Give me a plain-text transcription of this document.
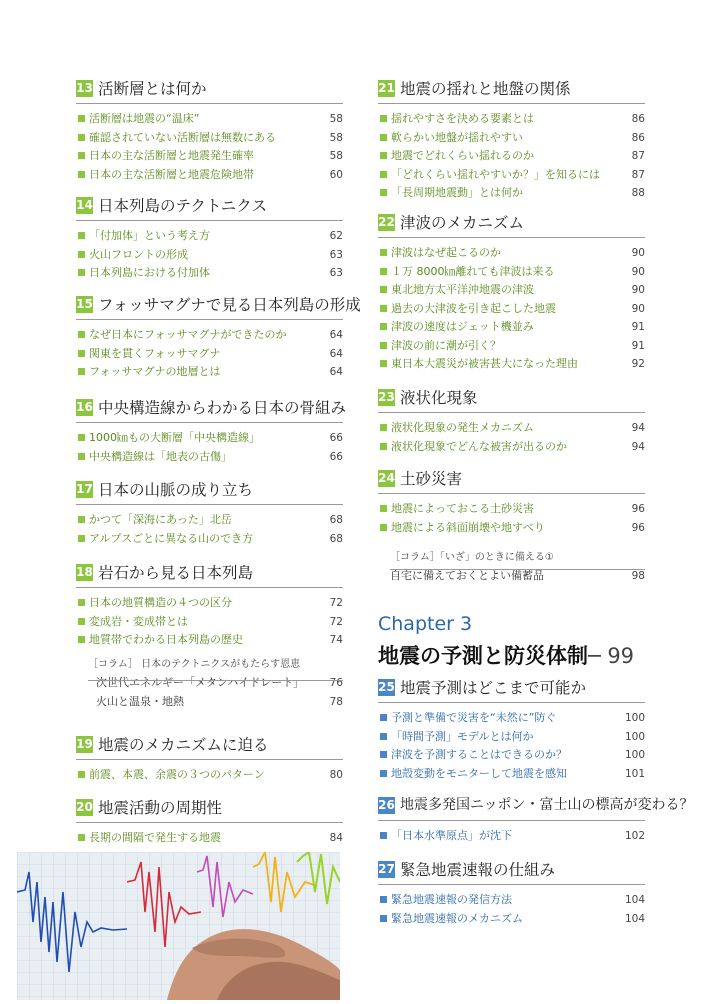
13 活断層とは何か
活断層は地震の“温床”	58
確認されていない活断層は無数にある	58
日本の主な活断層と地震発生確率	58
日本の主な活断層と地震危険地帯	60
14 日本列島のテクトニクス
「付加体」という考え方	62
火山フロントの形成	63
日本列島における付加体	63
15 フォッサマグナで見る日本列島の形成
なぜ日本にフォッサマグナができたのか	64
関東を貫くフォッサマグナ	64
フォッサマグナの地層とは	64
16 中央構造線からわかる日本の骨組み
1000㎞もの大断層「中央構造線」	66
中央構造線は「地表の古傷」	66
17 日本の山脈の成り立ち
かつて「深海にあった」北岳	68
アルプスごとに異なる山のでき方	68
18 岩石から見る日本列島
日本の地質構造の４つの区分	72
変成岩・変成帯とは	72
地質帯でわかる日本列島の歴史	74
［コラム］ 日本のテクトニクスがもたらす恩恵
次世代エネルギー「メタンハイドレート」 76
火山と温泉・地熱	78
19 地震のメカニズムに迫る
前震、本震、余震の３つのパターン	80
20 地震活動の周期性
長期の間隔で発生する地震	84
21 地震の揺れと地盤の関係
揺れやすさを決める要素とは	86
軟らかい地盤が揺れやすい	86
地震でどれくらい揺れるのか	87
「どれくらい揺れやすいか？」を知るには	87
「長周期地震動」とは何か	88
22 津波のメカニズム
津波はなぜ起こるのか	90
１万 8000㎞離れても津波は来る	90
東北地方太平洋沖地震の津波	90
過去の大津波を引き起こした地震	90
津波の速度はジェット機並み	91
津波の前に潮が引く？	91
東日本大震災が被害甚大になった理由	92
23 液状化現象
液状化現象の発生メカニズム	94
液状化現象でどんな被害が出るのか	94
24 土砂災害
地震によっておこる土砂災害	96
地震による斜面崩壊や地すべり	96
［コラム］「いざ」のときに備える①
自宅に備えておくとよい備蓄品	98
Chapter 3
地震の予測と防災体制─ 99
25 地震予測はどこまで可能か
予測と準備で災害を“未然に”防ぐ	100
「時間予測」モデルとは何か	100
津波を予測することはできるのか？	100
地殻変動をモニターして地震を感知	101
26 地震多発国ニッポン・富士山の標高が変わる？
「日本水準原点」が沈下	102
27 緊急地震速報の仕組み
緊急地震速報の発信方法	104
緊急地震速報のメカニズム	104
